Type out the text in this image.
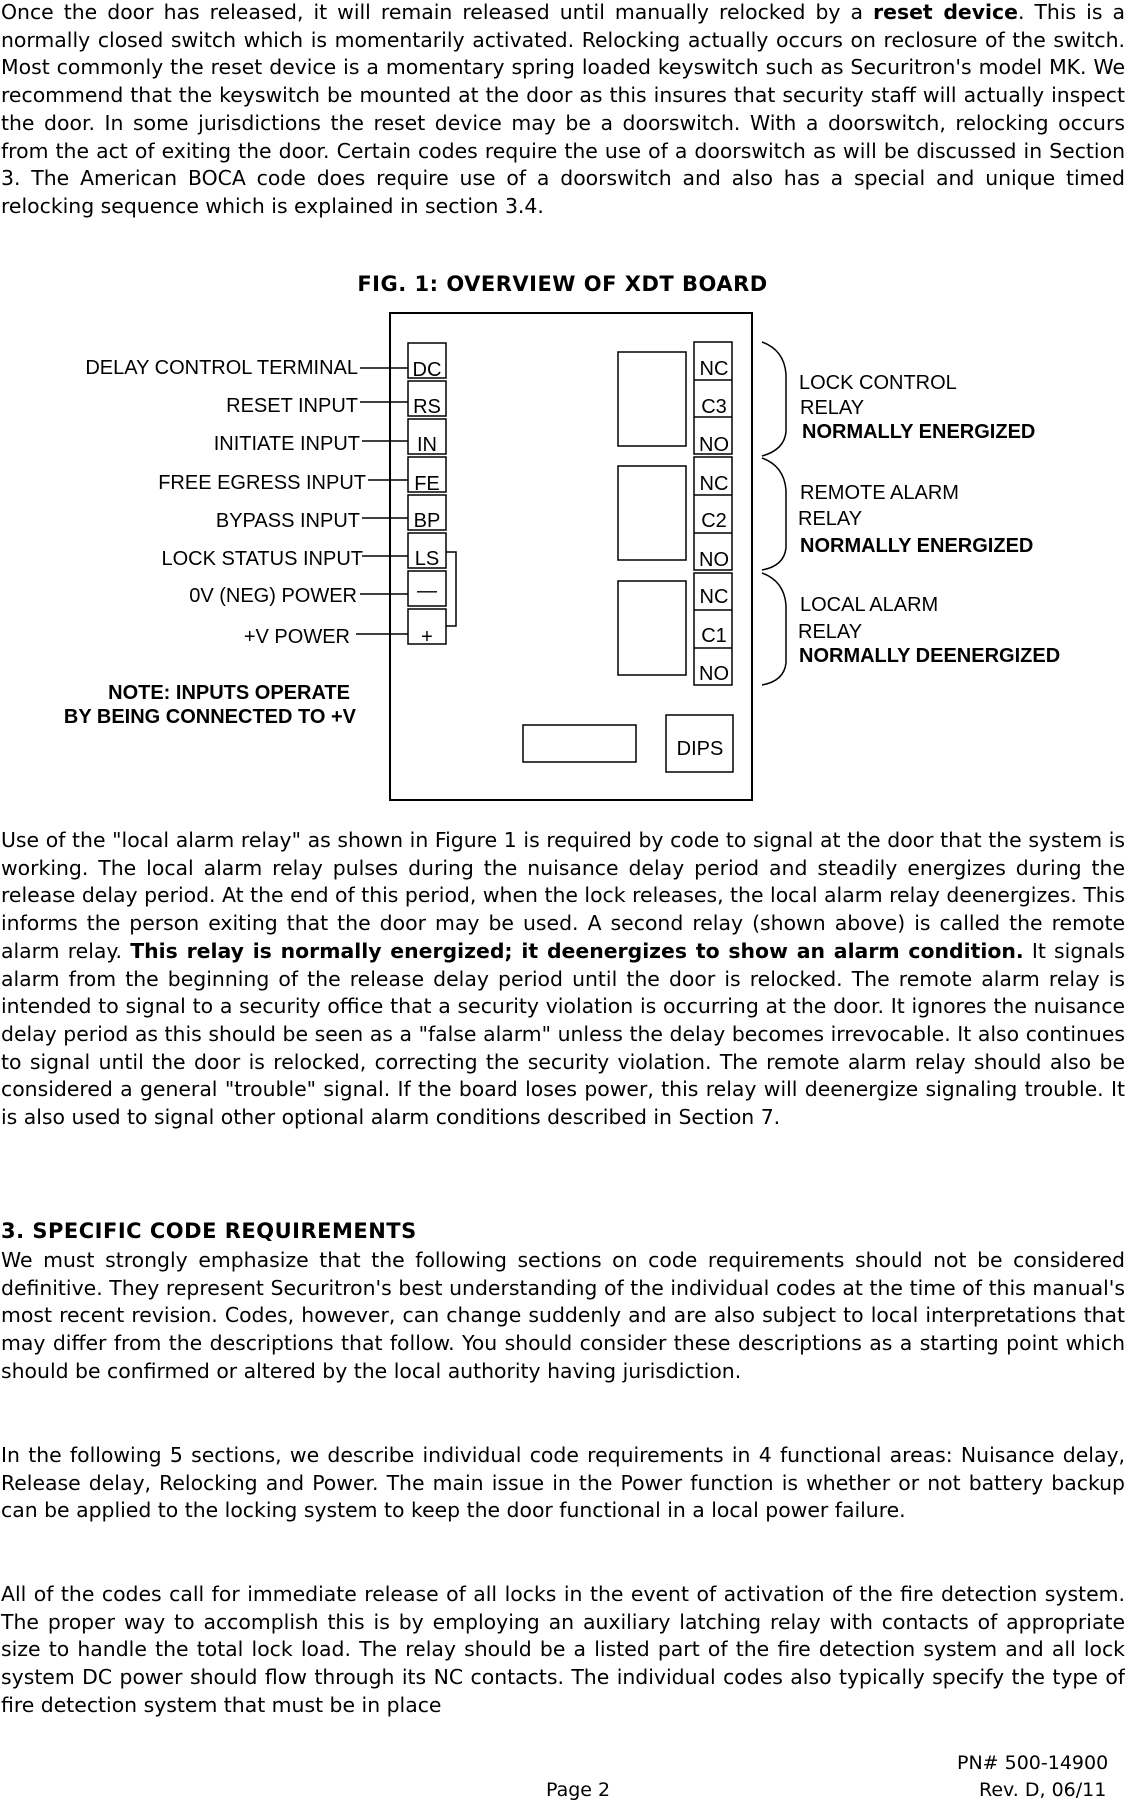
Once the door has released, it will remain released until manually relocked by a reset device. This is a normally closed switch which is momentarily activated. Relocking actually occurs on reclosure of the switch. Most commonly the reset device is a momentary spring loaded keyswitch such as Securitron's model MK. We recommend that the keyswitch be mounted at the door as this insures that security staff will actually inspect the door. In some jurisdictions the reset device may be a doorswitch. With a doorswitch, relocking occurs from the act of exiting the door. Certain codes require the use of a doorswitch as will be discussed in Section 3. The American BOCA code does require use of a doorswitch and also has a special and unique timed relocking sequence which is explained in section 3.4.

FIG. 1: OVERVIEW OF XDT BOARD
DC
RS
IN
FE
BP
LS
—
+
DELAY CONTROL TERMINAL
RESET INPUT
INITIATE INPUT
FREE EGRESS INPUT
BYPASS INPUT
LOCK STATUS INPUT
0V (NEG) POWER
+V POWER
NOTE: INPUTS OPERATE
BY BEING CONNECTED TO +V
NC
C3
NO
NC
C2
NO
NC
C1
NO
DIPS
LOCK CONTROL
RELAY
NORMALLY ENERGIZED
REMOTE ALARM
RELAY
NORMALLY ENERGIZED
LOCAL ALARM
RELAY
NORMALLY DEENERGIZED

Use of the "local alarm relay" as shown in Figure 1 is required by code to signal at the door that the system is working. The local alarm relay pulses during the nuisance delay period and steadily energizes during the release delay period. At the end of this period, when the lock releases, the local alarm relay deenergizes. This informs the person exiting that the door may be used. A second relay (shown above) is called the remote alarm relay. This relay is normally energized; it deenergizes to show an alarm condition. It signals alarm from the beginning of the release delay period until the door is relocked. The remote alarm relay is intended to signal to a security office that a security violation is occurring at the door. It ignores the nuisance delay period as this should be seen as a "false alarm" unless the delay becomes irrevocable. It also continues to signal until the door is relocked, correcting the security violation. The remote alarm relay should also be considered a general "trouble" signal. If the board loses power, this relay will deenergize signaling trouble. It is also used to signal other optional alarm conditions described in Section 7.

3. SPECIFIC CODE REQUIREMENTS

We must strongly emphasize that the following sections on code requirements should not be considered definitive. They represent Securitron's best understanding of the individual codes at the time of this manual's most recent revision. Codes, however, can change suddenly and are also subject to local interpretations that may differ from the descriptions that follow. You should consider these descriptions as a starting point which should be confirmed or altered by the local authority having jurisdiction.

In the following 5 sections, we describe individual code requirements in 4 functional areas: Nuisance delay, Release delay, Relocking and Power. The main issue in the Power function is whether or not battery backup can be applied to the locking system to keep the door functional in a local power failure.

All of the codes call for immediate release of all locks in the event of activation of the fire detection system. The proper way to accomplish this is by employing an auxiliary latching relay with contacts of appropriate size to handle the total lock load. The relay should be a listed part of the fire detection system and all lock system DC power should flow through its NC contacts. The individual codes also typically specify the type of fire detection system that must be in place

PN# 500-14900
Page 2	Rev. D, 06/11
